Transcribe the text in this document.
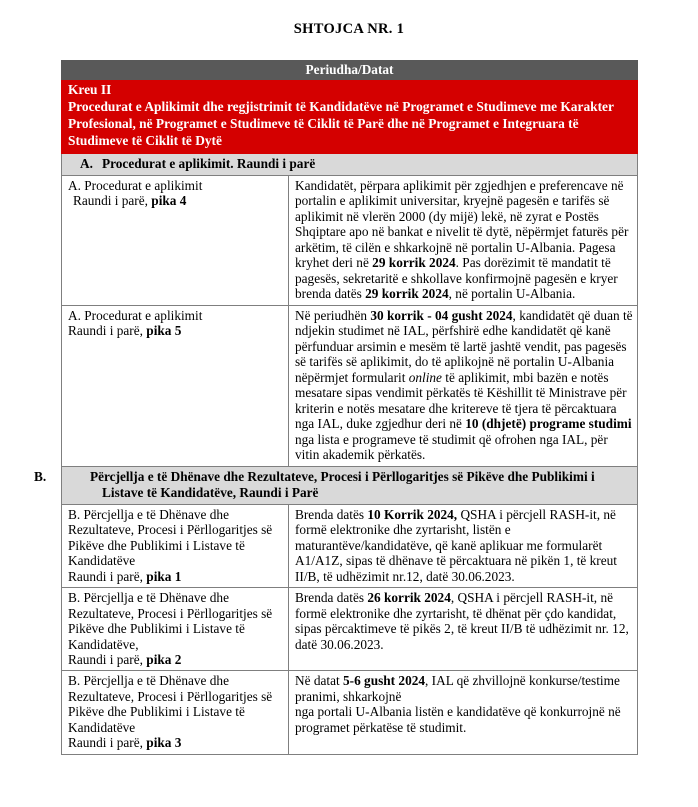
SHTOJCA NR. 1
Periudha/Datat	
Kreu II
Procedurat e Aplikimit dhe regjistrimit të Kandidatëve në Programet e Studimeve me Karakter Profesional, në Programet e Studimeve të Ciklit të Parë dhe në Programet e Integruara të Studimeve të Ciklit të Dytë	

A. Procedurat e aplikimit. Raundi i parë	

A. Procedurat e aplikimit

Raundi i parë, pika 4	Kandidatët, përpara aplikimit për zgjedhjen e preferencave në portalin e aplikimit universitar, kryejnë pagesën e tarifës së aplikimit në vlerën 2000 (dy mijë) lekë, në zyrat e Postës Shqiptare apo në bankat e nivelit të dytë, nëpërmjet faturës për arkëtim, të cilën e shkarkojnë në portalin U-Albania. Pagesa kryhet deri në 29 korrik 2024. Pas dorëzimit të mandatit të pagesës, sekretaritë e shkollave konfirmojnë pagesën e kryer brenda datës 29 korrik 2024, në portalin U-Albania.
A. Procedurat e aplikimit
Raundi i parë, pika 5	Në periudhën 30 korrik - 04 gusht 2024, kandidatët që duan të ndjekin studimet në IAL, përfshirë edhe kandidatët që kanë përfunduar arsimin e mesëm të lartë jashtë vendit, pas pagesës së tarifës së aplikimit, do të aplikojnë në portalin U-Albania nëpërmjet formularit online të aplikimit, mbi bazën e notës mesatare sipas vendimit përkatës të Këshillit të Ministrave për kriterin e notës mesatare dhe kritereve të tjera të përcaktuara nga IAL, duke zgjedhur deri në 10 (dhjetë) programe studimi nga lista e programeve të studimit që ofrohen nga IAL, për vitin akademik përkatës.

B. Përcjellja e të Dhënave dhe Rezultateve, Procesi i Përllogaritjes së Pikëve dhe Publikimi i Listave të Kandidatëve, Raundi i Parë	

B. Përcjellja e të Dhënave dhe Rezultateve, Procesi i Përllogaritjes së Pikëve dhe Publikimi i Listave të Kandidatëve
Raundi i parë, pika 1	Brenda datës 10 Korrik 2024, QSHA i përcjell RASH-it, në formë elektronike dhe zyrtarisht, listën e maturantëve/kandidatëve, që kanë aplikuar me formularët A1/A1Z, sipas të dhënave të përcaktuara në pikën 1, të kreut II/B, të udhëzimit nr.12, datë 30.06.2023.
B. Përcjellja e të Dhënave dhe Rezultateve, Procesi i Përllogaritjes së Pikëve dhe Publikimi i Listave të Kandidatëve,
Raundi i parë, pika 2	Brenda datës 26 korrik 2024, QSHA i përcjell RASH-it, në formë elektronike dhe zyrtarisht, të dhënat për çdo kandidat, sipas përcaktimeve të pikës 2, të kreut II/B të udhëzimit nr. 12, datë 30.06.2023.
B. Përcjellja e të Dhënave dhe Rezultateve, Procesi i Përllogaritjes së Pikëve dhe Publikimi i Listave të Kandidatëve
Raundi i parë, pika 3	Në datat 5-6 gusht 2024, IAL që zhvillojnë konkurse/testime pranimi, shkarkojnë
nga portali U-Albania listën e kandidatëve që konkurrojnë në programet përkatëse të studimit.
